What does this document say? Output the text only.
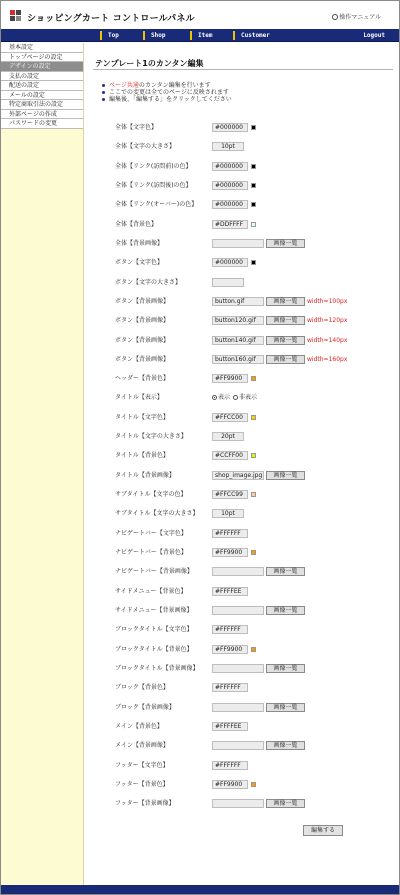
ショッピングカート コントロールパネル	操作マニュアル
Top	Shop	Item	Customer	Logout
基本設定
トップページの設定
デザインの設定
支払の設定
配送の設定
メールの設定
特定商取引法の設定
外部ページの作成
パスワードの変更
テンプレート1のカンタン編集
ページ共通のカンタン編集を行います
ここでの変更は全てのページに反映されます
編集後、「編集する」をクリックしてください
全体【文字色】	#000000
全体【文字の大きさ】	10pt
全体【リンク(訪問前)の色】	#000000
全体【リンク(訪問後)の色】	#000000
全体【リンク(オーバー)の色】	#000000
全体【背景色】	#DDFFFF
全体【背景画像】	画像一覧
ボタン【文字色】	#000000
ボタン【文字の大きさ】
ボタン【背景画像】	button.gif	画像一覧	width=100px
ボタン【背景画像】	button120.gif	画像一覧	width=120px
ボタン【背景画像】	button140.gif	画像一覧	width=140px
ボタン【背景画像】	button160.gif	画像一覧	width=160px
ヘッダー【背景色】	#FF9900
タイトル【表示】	表示 非表示
タイトル【文字色】	#FFCC00
タイトル【文字の大きさ】	20pt
タイトル【背景色】	#CCFF00
タイトル【背景画像】	shop_image.jpg	画像一覧
サブタイトル【文字の色】	#FFCC99
サブタイトル【文字の大きさ】	10pt
ナビゲートバー【文字色】	#FFFFFF
ナビゲートバー【背景色】	#FF9900
ナビゲートバー【背景画像】	画像一覧
サイドメニュー【背景色】	#FFFFEE
サイドメニュー【背景画像】	画像一覧
ブロックタイトル【文字色】	#FFFFFF
ブロックタイトル【背景色】	#FF9900
ブロックタイトル【背景画像】	画像一覧
ブロック【背景色】	#FFFFFF
ブロック【背景画像】	画像一覧
メイン【背景色】	#FFFFEE
メイン【背景画像】	画像一覧
フッター【文字色】	#FFFFFF
フッター【背景色】	#FF9900
フッター【背景画像】	画像一覧
編集する
